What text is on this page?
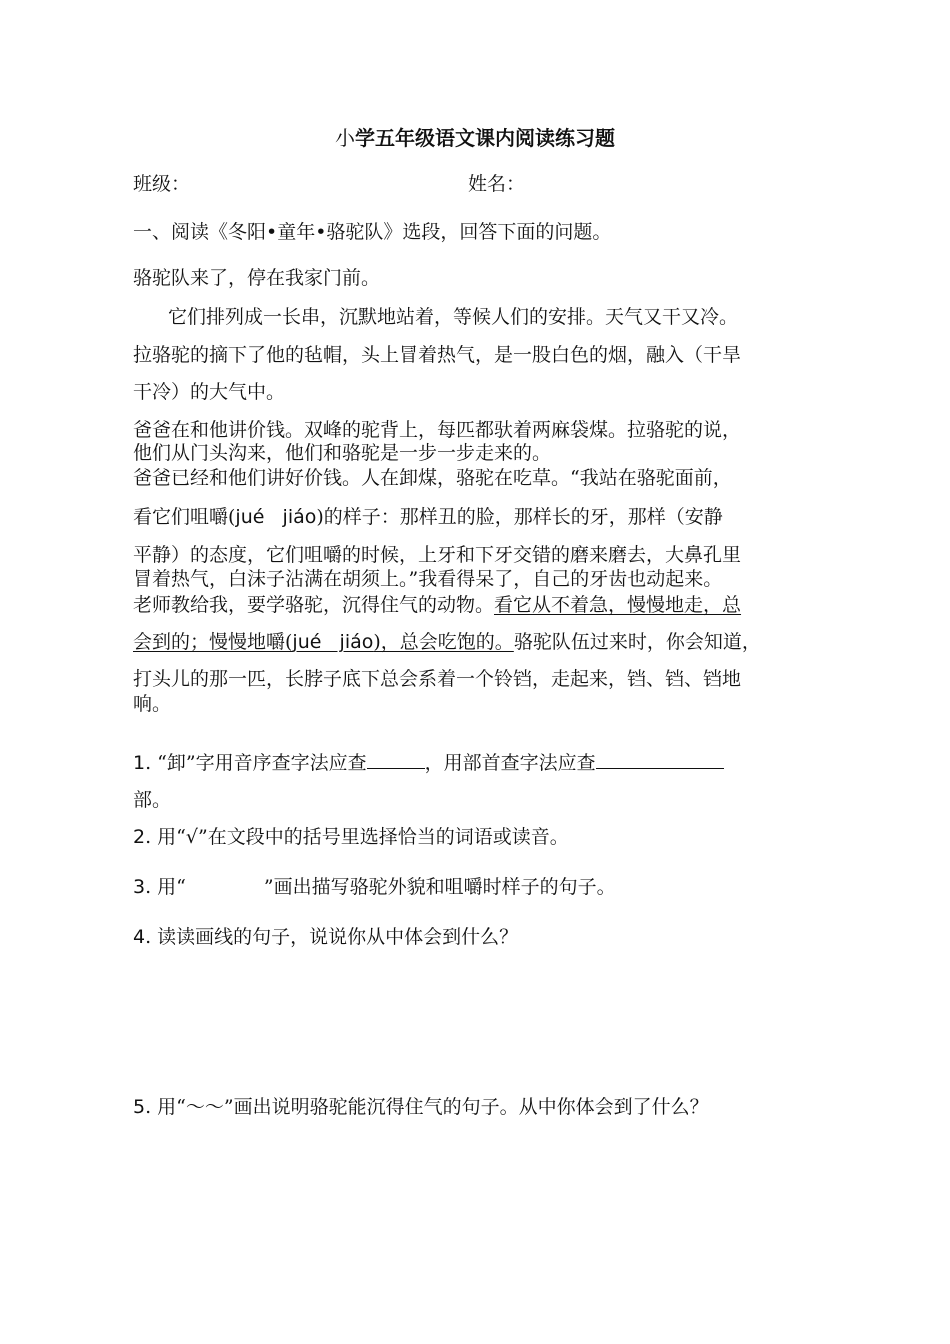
小学五年级语文课内阅读练习题
班级：	姓名：
一、阅读《冬阳•童年•骆驼队》选段，回答下面的问题。
骆驼队来了，停在我家门前。
它们排列成一长串，沉默地站着，等候人们的安排。天气又干又冷。
拉骆驼的摘下了他的毡帽，头上冒着热气，是一股白色的烟，融入（干旱
干冷）的大气中。
爸爸在和他讲价钱。双峰的驼背上，每匹都驮着两麻袋煤。拉骆驼的说，
他们从门头沟来，他们和骆驼是一步一步走来的。
爸爸已经和他们讲好价钱。人在卸煤，骆驼在吃草。“我站在骆驼面前，
看它们咀嚼(jué   jiáo)的样子：那样丑的脸，那样长的牙，那样（安静
平静）的态度，它们咀嚼的时候，上牙和下牙交错的磨来磨去，大鼻孔里
冒着热气，白沫子沾满在胡须上。”我看得呆了，自己的牙齿也动起来。
老师教给我，要学骆驼，沉得住气的动物。看它从不着急，慢慢地走，总
会到的；慢慢地嚼(jué   jiáo)，总会吃饱的。骆驼队伍过来时，你会知道，
打头儿的那一匹，长脖子底下总会系着一个铃铛，走起来，铛、铛、铛地
响。
1. “卸”字用音序查字法应查	，用部首查字法应查
部。
2. 用“√”在文段中的括号里选择恰当的词语或读音。
3. 用“	”画出描写骆驼外貌和咀嚼时样子的句子。
4. 读读画线的句子，说说你从中体会到什么？
5. 用“～～”画出说明骆驼能沉得住气的句子。从中你体会到了什么？
